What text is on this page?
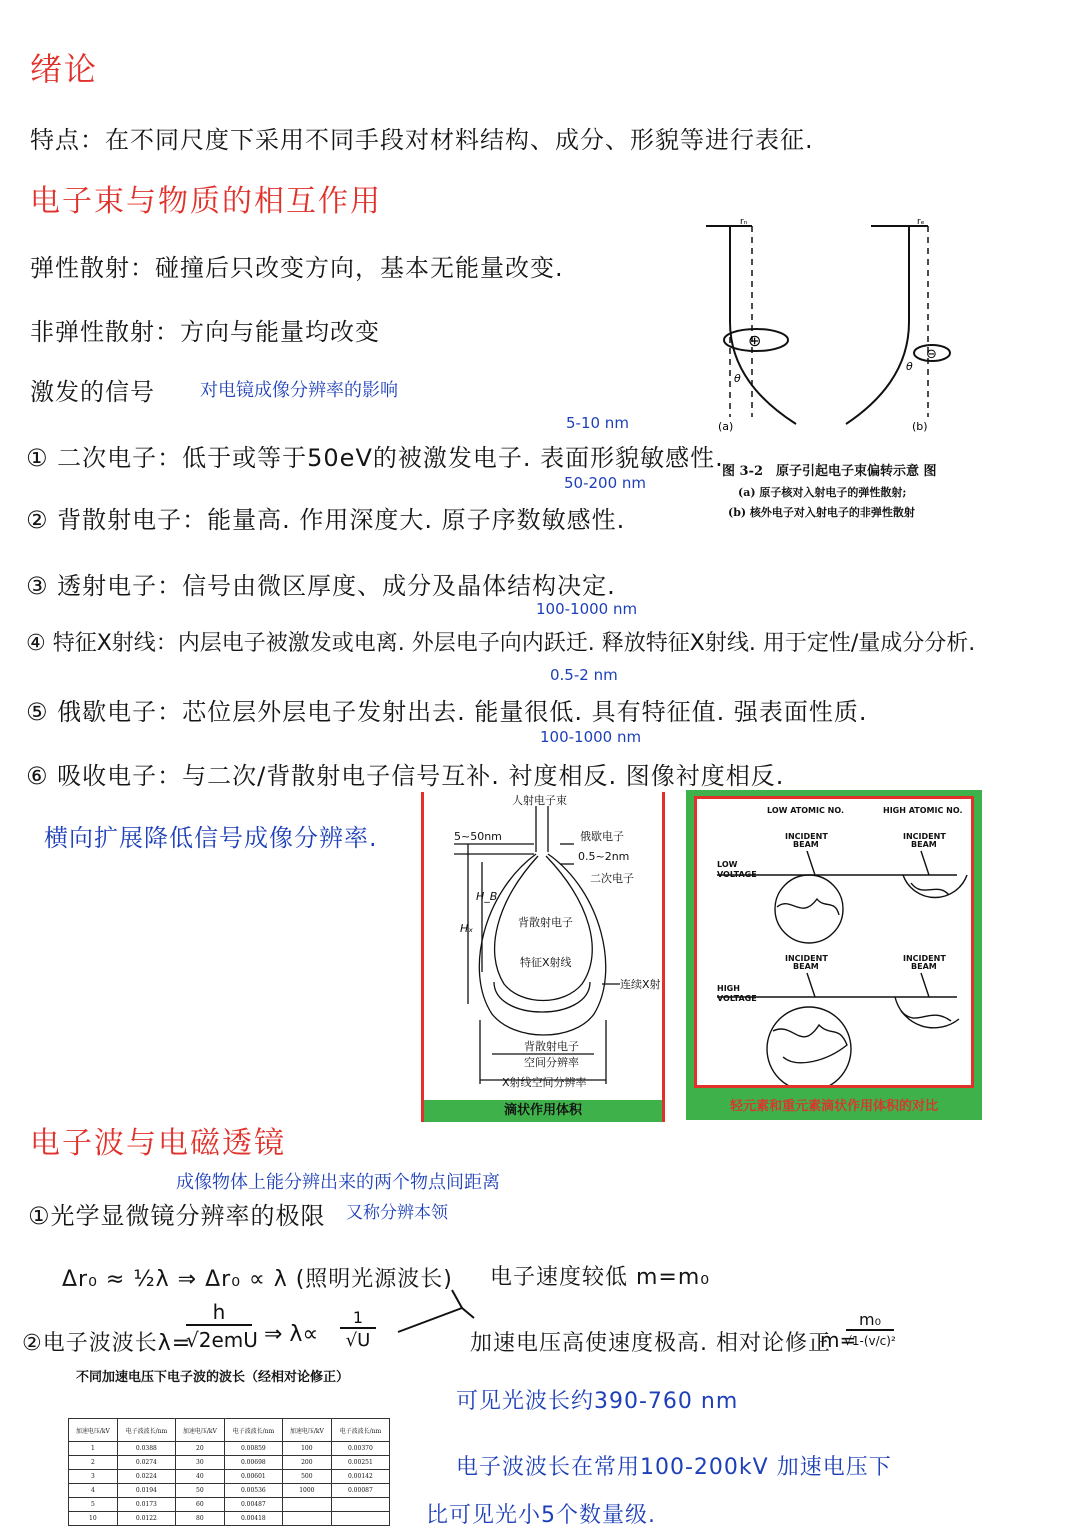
绪论
特点：在不同尺度下采用不同手段对材料结构、成分、形貌等进行表征.
电子束与物质的相互作用
弹性散射：碰撞后只改变方向，基本无能量改变.
非弹性散射：方向与能量均改变
激发的信号	对电镜成像分辨率的影响
5-10 nm
① 二次电子：低于或等于50eV的被激发电子. 表面形貌敏感性.
50-200 nm
② 背散射电子：能量高. 作用深度大. 原子序数敏感性.
③ 透射电子：信号由微区厚度、成分及晶体结构决定.
100-1000 nm
④ 特征X射线：内层电子被激发或电离. 外层电子向内跃迁. 释放特征X射线. 用于定性/量成分分析.
0.5-2 nm
⑤ 俄歇电子：芯位层外层电子发射出去. 能量很低. 具有特征值. 强表面性质.
100-1000 nm
⑥ 吸收电子：与二次/背散射电子信号互补. 衬度相反. 图像衬度相反.
横向扩展降低信号成像分辨率.
rₙ	rₑ
⊕
⊖
θ
θ
(a)	(b)
图 3-2　原子引起电子束偏转示意 图
(a) 原子核对入射电子的弹性散射;
(b) 核外电子对入射电子的非弹性散射
人射电子束
5~50nm	俄歇电子
0.5~2nm
二次电子
Hₓ
H_B
背散射电子
特征X射线
连续X射
背散射电子
空间分辨率
X射线空间分辨率
滴状作用体积
LOW ATOMIC NO.	HIGH ATOMIC NO.
INCIDENT
BEAM
INCIDENT
BEAM
LOW
VOLTAGE
INCIDENT
BEAM
INCIDENT
BEAM
HIGH
VOLTAGE
轻元素和重元素滴状作用体积的对比
电子波与电磁透镜
成像物体上能分辨出来的两个物点间距离
①光学显微镜分辨率的极限 又称分辨本领
Δr₀ ≈ ½λ ⇒ Δr₀ ∝ λ (照明光源波长) 电子速度较低 m=m₀
②电子波波长λ=
h
√2emU ⇒ λ∝
1
√U	加速电压高使速度极高. 相对论修正
m=
m₀
√1-(v/c)²
不同加速电压下电子波的波长（经相对论修正）
加速电压/kV	电子波波长/nm	加速电压/kV	电子波波长/nm	加速电压/kV	电子波波长/nm
1	0.0388	20	0.00859	100	0.00370
2	0.0274	30	0.00698	200	0.00251
3	0.0224	40	0.00601	500	0.00142
4	0.0194	50	0.00536	1000	0.00087
5	0.0173	60	0.00487		
10	0.0122	80	0.00418		
可见光波长约390-760 nm
电子波波长在常用100-200kV 加速电压下
比可见光小5个数量级.
